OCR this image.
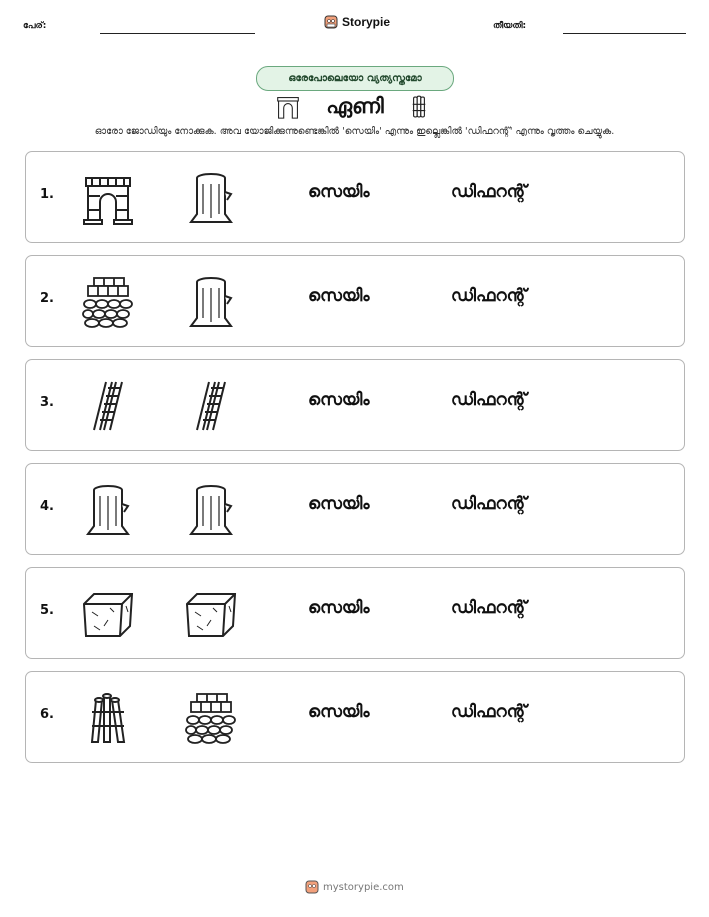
പേര്:	Storypie	തീയതി:
ഒരേപോലെയോ വ്യത്യസ്തമോ
ഏണി
ഓരോ ജോഡിയും നോക്കുക. അവ യോജിക്കുന്നുണ്ടെങ്കിൽ 'സെയിം' എന്നും ഇല്ലെങ്കിൽ 'ഡിഫറന്റ്' എന്നും വൃത്തം ചെയ്യുക.
1.	സെയിം	ഡിഫറന്റ്
2.	സെയിം	ഡിഫറന്റ്
3.	സെയിം	ഡിഫറന്റ്
4.	സെയിം	ഡിഫറന്റ്
5.	സെയിം	ഡിഫറന്റ്
6.	സെയിം	ഡിഫറന്റ്
mystorypie.com
